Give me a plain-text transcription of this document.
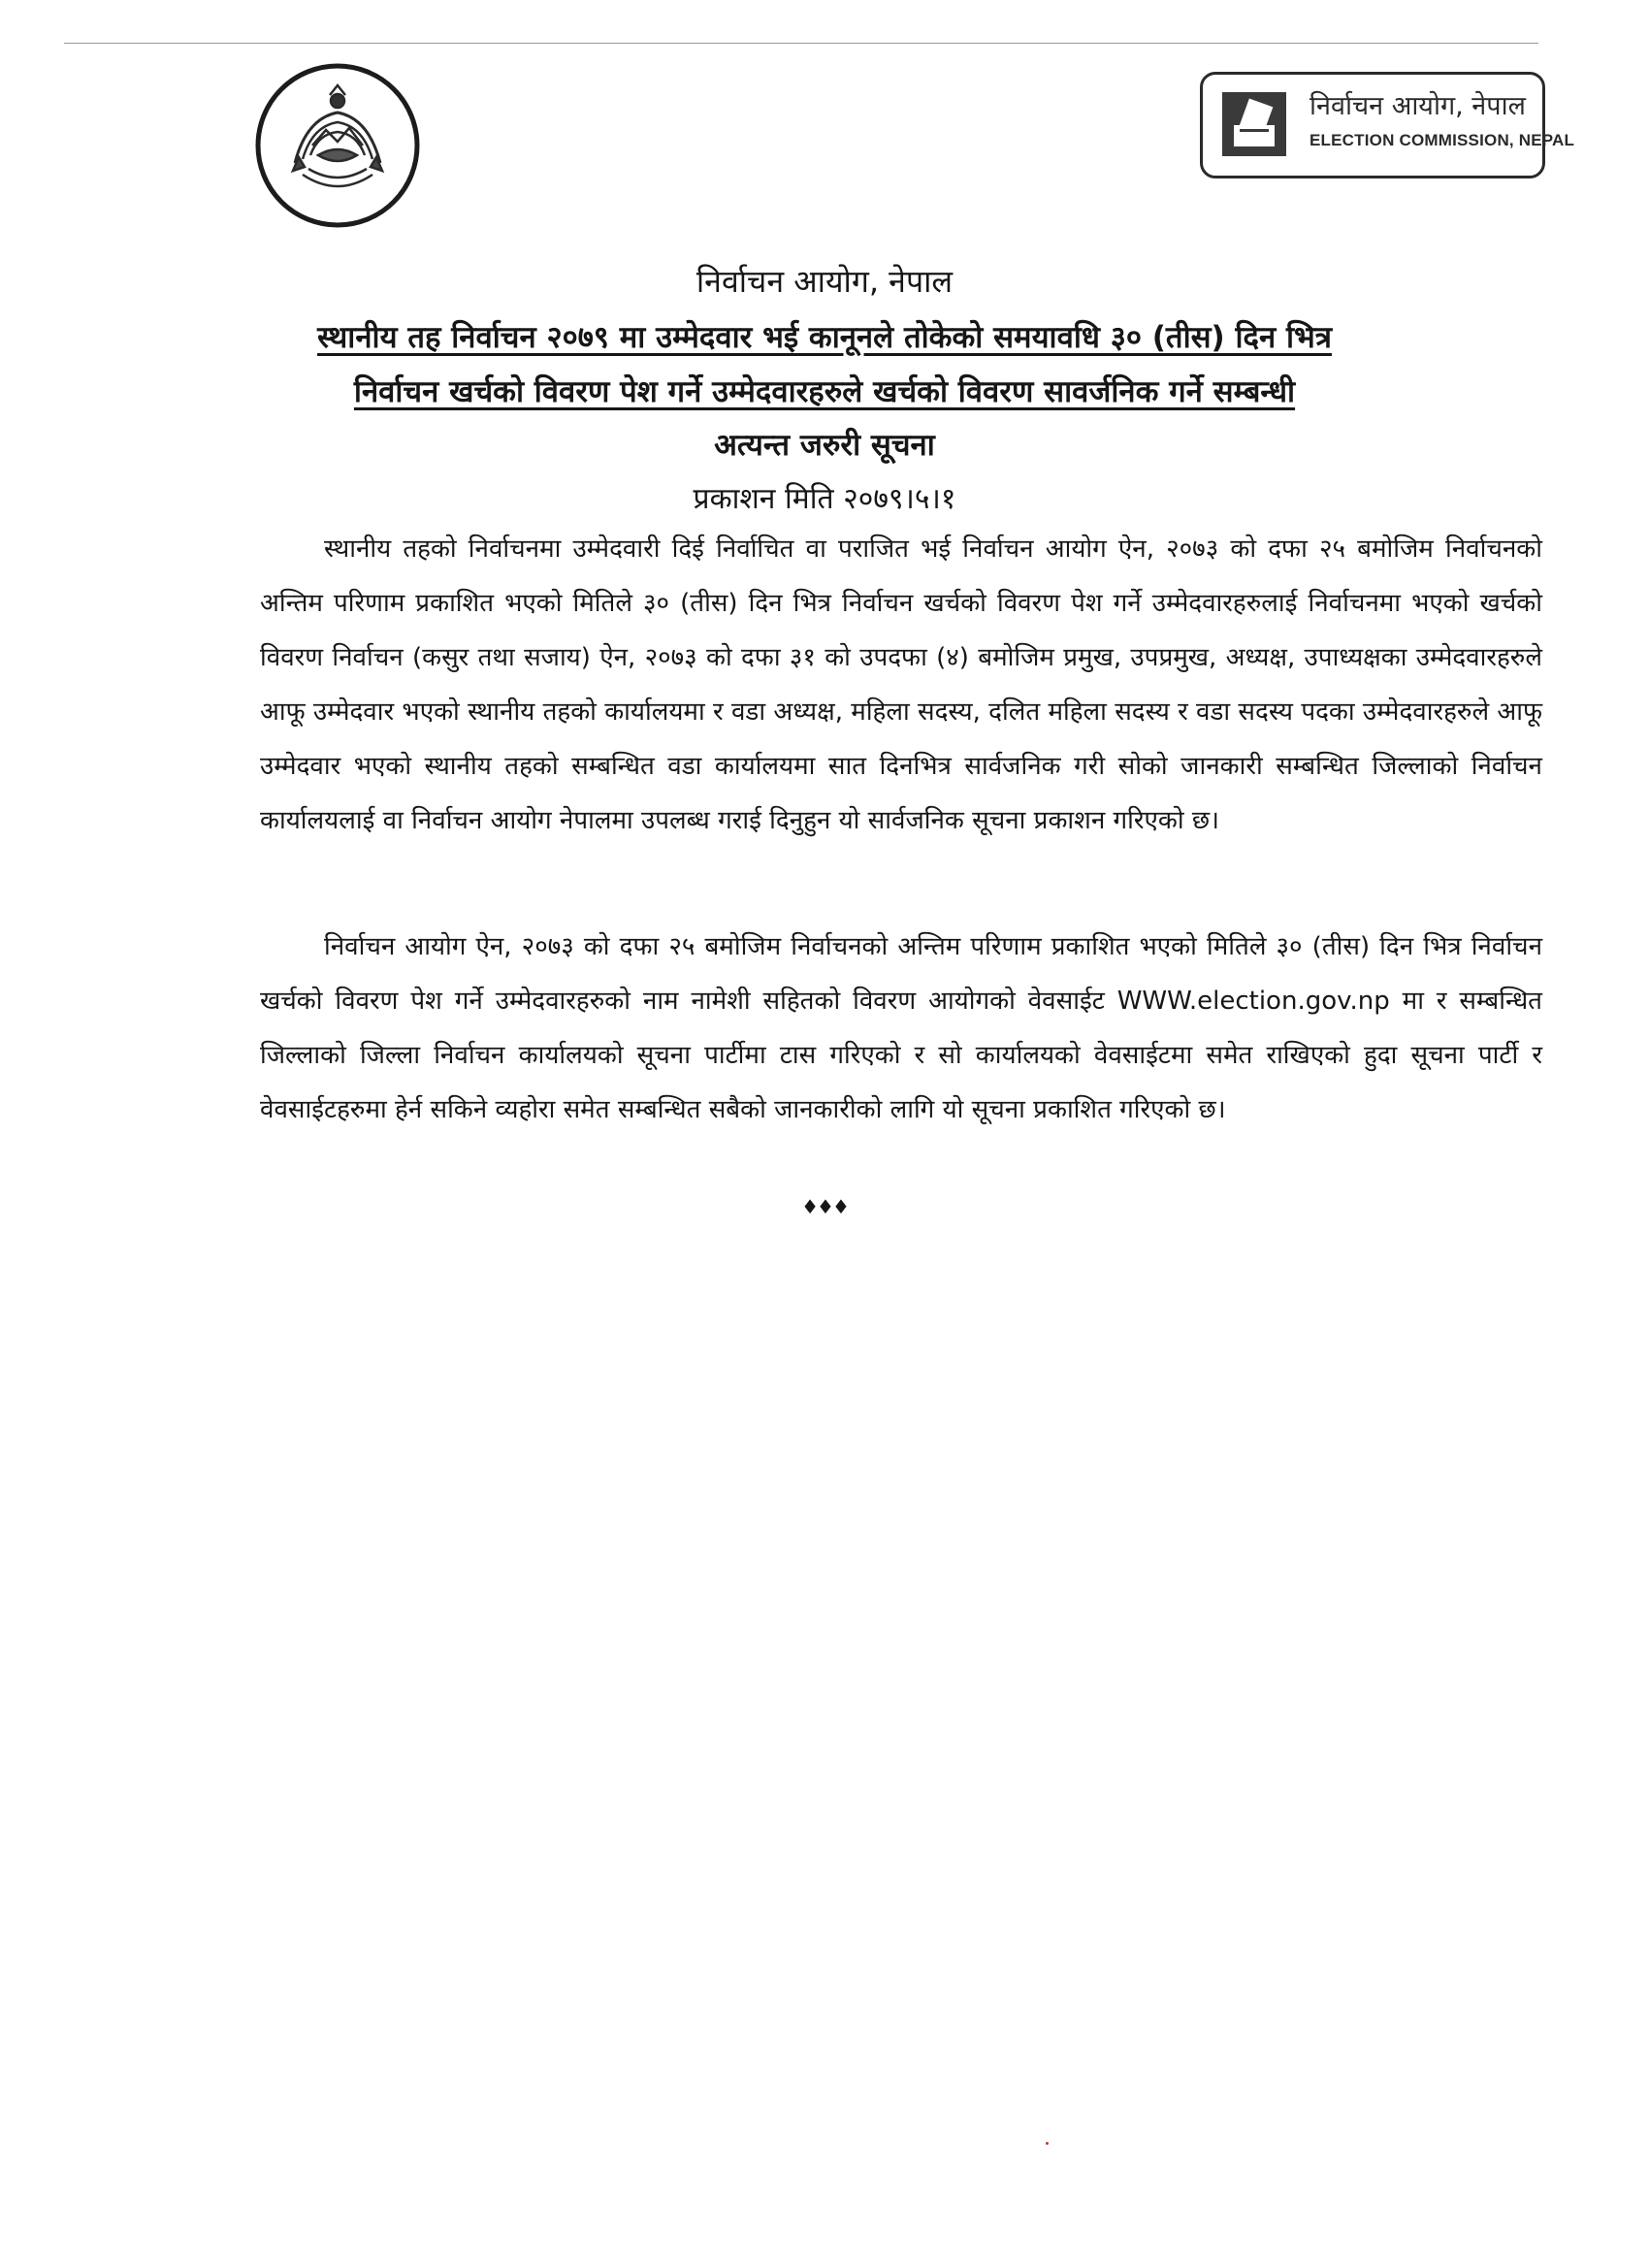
निर्वाचन आयोग, नेपाल
ELECTION COMMISSION, NEPAL
निर्वाचन आयोग, नेपाल
स्थानीय तह निर्वाचन २०७९ मा उम्मेदवार भई कानूनले तोकेको समयावधि ३० (तीस) दिन भित्र
निर्वाचन खर्चको विवरण पेश गर्ने उम्मेदवारहरुले खर्चको विवरण सावर्जनिक गर्ने सम्बन्धी
अत्यन्त जरुरी सूचना
प्रकाशन मिति २०७९।५।१

स्थानीय तहको निर्वाचनमा उम्मेदवारी दिई निर्वाचित वा पराजित भई निर्वाचन आयोग ऐन, २०७३ को दफा २५ बमोजिम निर्वाचनको अन्तिम परिणाम प्रकाशित भएको मितिले ३० (तीस) दिन भित्र निर्वाचन खर्चको विवरण पेश गर्ने उम्मेदवारहरुलाई निर्वाचनमा भएको खर्चको विवरण निर्वाचन (कसुर तथा सजाय) ऐन, २०७३ को दफा ३१ को उपदफा (४) बमोजिम प्रमुख, उपप्रमुख, अध्यक्ष, उपाध्यक्षका उम्मेदवारहरुले आफू उम्मेदवार भएको स्थानीय तहको कार्यालयमा र वडा अध्यक्ष, महिला सदस्य, दलित महिला सदस्य र वडा सदस्य पदका उम्मेदवारहरुले आफू उम्मेदवार भएको स्थानीय तहको सम्बन्धित वडा कार्यालयमा सात दिनभित्र सार्वजनिक गरी सोको जानकारी सम्बन्धित जिल्लाको निर्वाचन कार्यालयलाई वा निर्वाचन आयोग नेपालमा उपलब्ध गराई दिनुहुन यो सार्वजनिक सूचना प्रकाशन गरिएको छ।

निर्वाचन आयोग ऐन, २०७३ को दफा २५ बमोजिम निर्वाचनको अन्तिम परिणाम प्रकाशित भएको मितिले ३० (तीस) दिन भित्र निर्वाचन खर्चको विवरण पेश गर्ने उम्मेदवारहरुको नाम नामेशी सहितको विवरण आयोगको वेवसाईट WWW.election.gov.np मा र सम्बन्धित जिल्लाको जिल्ला निर्वाचन कार्यालयको सूचना पार्टीमा टास गरिएको र सो कार्यालयको वेवसाईटमा समेत राखिएको हुदा सूचना पार्टी र वेवसाईटहरुमा हेर्न सकिने व्यहोरा समेत सम्बन्धित सबैको जानकारीको लागि यो सूचना प्रकाशित गरिएको छ।

♦♦♦
